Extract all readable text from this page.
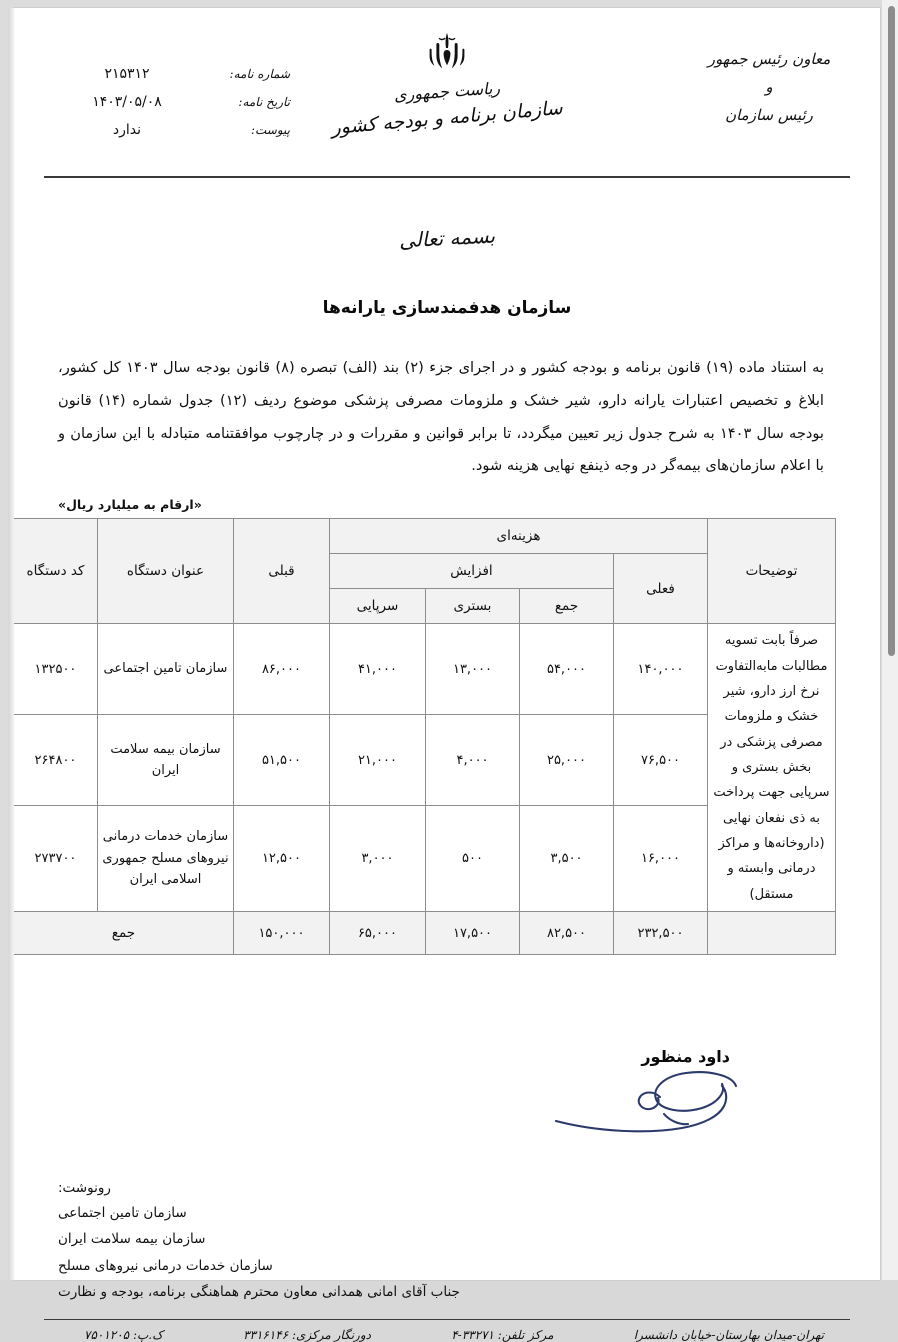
معاون رئیس جمهور
و
رئیس سازمان
ریاست جمهوری
سازمان برنامه و بودجه کشور
شماره نامه:
۲۱۵۳۱۲
تاریخ نامه:
۱۴۰۳/۰۵/۰۸
پیوست:
ندارد
بسمه تعالی
سازمان هدفمندسازی یارانه‌ها
به استناد ماده (۱۹) قانون برنامه و بودجه کشور و در اجرای جزء (۲) بند (الف) تبصره (۸) قانون بودجه سال ۱۴۰۳ کل کشور، ابلاغ و تخصیص اعتبارات یارانه دارو، شیر خشک و ملزومات مصرفی پزشکی موضوع ردیف (۱۲) جدول شماره (۱۴) قانون بودجه سال ۱۴۰۳ به شرح جدول زیر تعیین میگردد، تا برابر قوانین و مقررات و در چارچوب موافقتنامه متبادله با این سازمان و با اعلام سازمان‌های بیمه‌گر در وجه ذینفع نهایی هزینه شود.
«ارقام به میلیارد ریال»
توضیحات	هزینه‌ای				قبلی	عنوان دستگاه	کد دستگاه
	فعلی	افزایش					
		جمع	بستری	سرپایی			
صرفاً بابت تسویه مطالبات مابه‌التفاوت نرخ ارز دارو، شیر خشک و ملزومات مصرفی پزشکی در بخش بستری و سرپایی جهت پرداخت به ذی نفعان نهایی (داروخانه‌ها و مراکز درمانی وابسته و مستقل)	۱۴۰,۰۰۰	۵۴,۰۰۰	۱۳,۰۰۰	۴۱,۰۰۰	۸۶,۰۰۰	سازمان تامین اجتماعی	۱۳۲۵۰۰
	۷۶,۵۰۰	۲۵,۰۰۰	۴,۰۰۰	۲۱,۰۰۰	۵۱,۵۰۰	سازمان بیمه سلامت ایران	۲۶۴۸۰۰
	۱۶,۰۰۰	۳,۵۰۰	۵۰۰	۳,۰۰۰	۱۲,۵۰۰	سازمان خدمات درمانی نیروهای مسلح جمهوری اسلامی ایران	۲۷۳۷۰۰
	۲۳۲,۵۰۰	۸۲,۵۰۰	۱۷,۵۰۰	۶۵,۰۰۰	۱۵۰,۰۰۰	جمع	
داود منظور
رونوشت:
سازمان تامین اجتماعی
سازمان بیمه سلامت ایران
سازمان خدمات درمانی نیروهای مسلح
جناب آقای امانی همدانی معاون محترم هماهنگی برنامه، بودجه و نظارت
تهران-میدان بهارستان-خیابان دانشسرا
مرکز تلفن: ۳۳۲۷۱-۴
دورنگار مرکزی: ۳۳۱۶۱۴۶
ک.پ: ۷۵۰۱۲۰۵
